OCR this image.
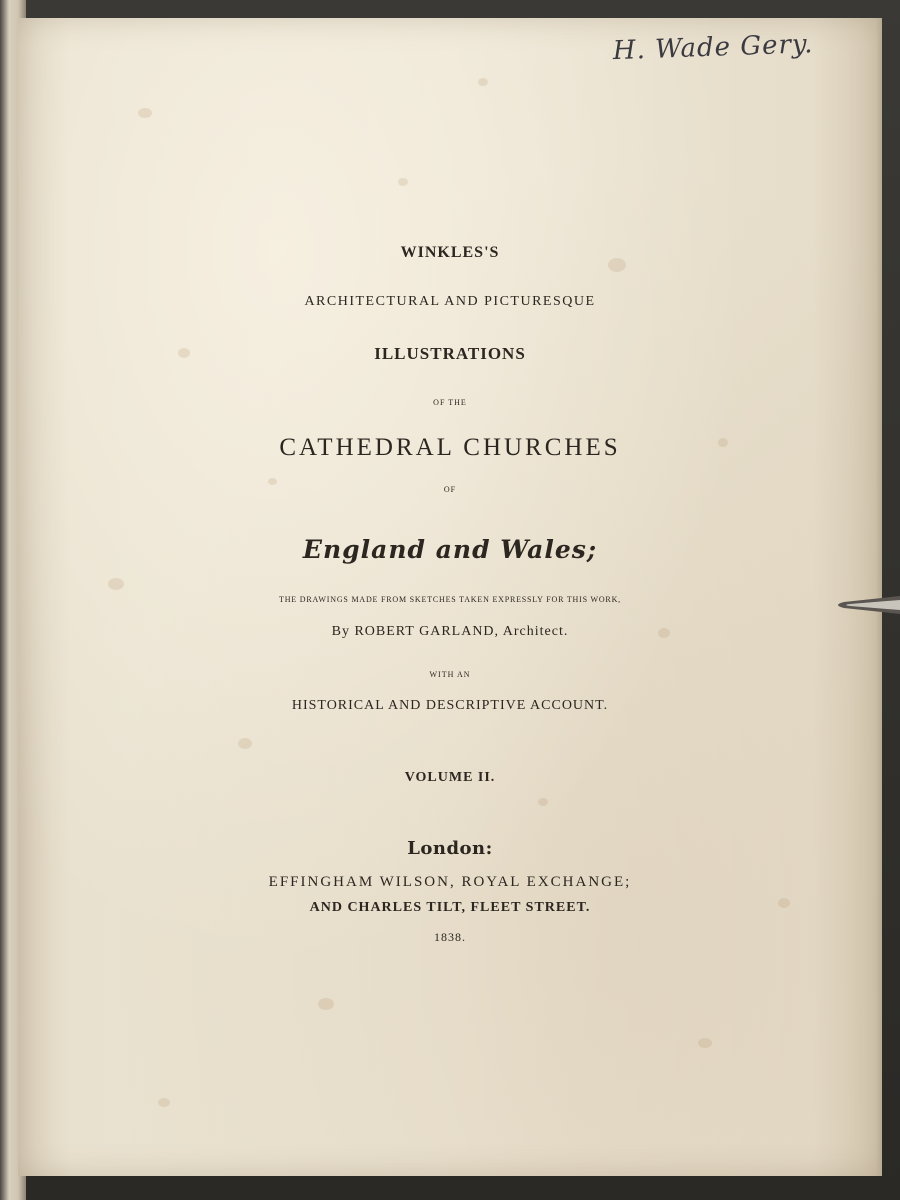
H. Wade Gery.
WINKLES'S
ARCHITECTURAL AND PICTURESQUE
ILLUSTRATIONS
OF THE
CATHEDRAL CHURCHES
OF
England and Wales;
THE DRAWINGS MADE FROM SKETCHES TAKEN EXPRESSLY FOR THIS WORK,
By ROBERT GARLAND, Architect.
WITH AN
HISTORICAL AND DESCRIPTIVE ACCOUNT.
VOLUME II.
London:
EFFINGHAM WILSON, ROYAL EXCHANGE;
AND CHARLES TILT, FLEET STREET.
1838.
